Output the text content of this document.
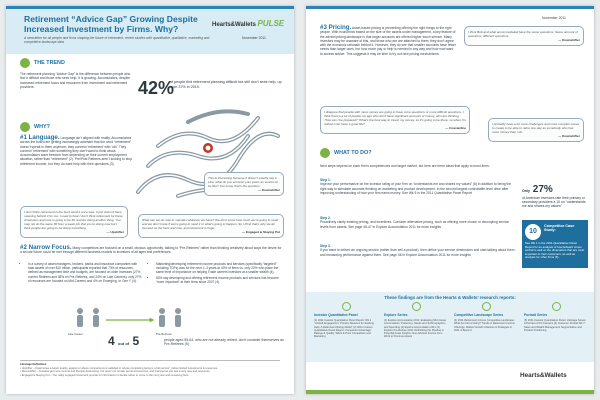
Retirement “Advice Gap” Growing Despite Increased Investment by Firms. Why?	Hearts&Wallets PULSE
November 2011
A newsletter for all people and firms shaping the future of retirement, recent studies with quantitative, qualitative, marketing and competitive landscape data
THE TREND
The retirement planning “Advice Gap” is the difference between people who find it difficult and those who seek help. It is growing. Accumulators, despite increased retirement focus and resources from investment and retirement providers.	42%
of people find retirement planning difficult but still don’t seek help, up from 37% in 2010.
WHY?
#1 Language. Language isn’t aligned with reality. Accumulators across the board are getting increasingly adamant that the word “retirement” doesn’t speak to them anymore; they connect ‘retirement’ with ‘old.’ They connect ‘retirement’ with something they don’t want to think about. Accumulators want freedom from depending on their current employment situation, rather than “retirement” (2). Pre/Post Retirees aren’t looking to stop retirement income, but they do want help with their questions (3).
I don’t think retirement is the buzz word it once was. It just doesn’t have meaning behind it for me. I used to hear I don’t think retirement by these Americans anymore is going to be fill, and we doing another thing. You may not do the same 80 hour a week job that you’re doing now but I think people are going to be doing something.
— Upshifter
This is interesting because it doesn’t exactly say it. Like, what do you envision your years as seniors to be like? You know, that’s the question.
— Downshifter
What can we do now to maintain whatever we have? We don’t know how much we’re going to need and we don’t know if we’re going to need it or what’s going to happen. So I think that’s why we all focused on the here and now, and retirement is huge.
— Engaged & Staying Put
#2 Narrow Focus. Many competitors are focused on a small, obvious opportunity: talking to “Pre-Retirees” rather than thinking creatively about ways the desire for a secure future could be met through different business models to investors of all ages and preferences.
• In a survey of asset managers, brokers, banks and insurance companies with total assets of over $10 trillion, participants reported that 73% of resources, defined as management time and budgets, are focused on older investors (27% current Retirees and 38% on Pre-Retirees, and 24% on Late Careers); only 27% of resources are focused on Mid-Careers and 4% on Emerging, or Gen Y (4).
• Marketing/developing retirement income products and services (specifically “targeted” including TDFs) was for the next 1–3 years at 40% of firms vs. only 20% who place the same level of importance on helping Trade careers investors at a smaller wealth (4).
• 83% say developing and offering retirement income products and services has become “more important” at their firms since 2007 (4).
Late Career	Pre-Retirees
4 out of 5	people aged 55-64, who are not already retired, don’t consider themselves as Pre-Retirees (5)
Lifestage Definitions
• Upshifter – Determines a better quality, against or above comparisons is satisfied or whose completing being is a full service”, below limited investments & resources
• Downshifter – Greatest get more income and lifestyle downsizing, but never not remain secured resources, and financial as you ask a very new and resources
• Engaged & Staying Put – The really engaged retirement provide for information to decide rather to move in the next year and remaining here
November 2011
#3 Pricing. Asset-based pricing is preventing offering the right things to the right people. With economics based on the size of the assets under management, a key feature of the advice/pricing landscape is that larger accounts are offered higher touch service. Many investors may be unaware of this, and those who are are attached to them; they don’t agree with the economic rationale behind it. However, they do see that smaller accounts have fewer needs than larger ones, but how much pay or help is needed in any way and how now want to access advice. This suggests it may be time to try out new pricing mechanisms.
I think Bob and what accommodated have the same questions. Same amount of questions, different questions.
— Downshifter
I disagree that people with more money are going to have more questions or more difficult questions. I think there’s a lot of people my age who don’t have significant amounts of money, who are thinking, ‘How can I be prepared?’ What’s the best way to invest my money, so it’s going to be there, so when I’m retired I can have a good life?
— Coasterline
I probably have a lot more challenges and more complex issues to create to be able to retire one day as somebody who has more money than I do.
— Downshifter
WHAT TO DO?
Next steps depend on each firm’s competencies and target market, but here are three ideas that apply to most firms:
Step 1.
Improve your performance on the investor rating of your firm on “understands me and shares my values” (6) in addition to being the right way to stimulate accurate thinking on marketing and product development. In the second largest controllable level drive after improving understanding of how your firm earns money. See Wk 5 in the 2011 Quantitative Panel Report
Step 2.
Proactively clarify existing pricing, and incentives. Consider alternative pricing, such as offering more choice or decoupling service levels from assets. See page 46-47 in Explore Accumulation 2011 for more insights
Step 3.
If you want to deliver an ongoing service (rather than sell a product), then define your service dimensions and start talking about them and measuring performance against them. See page 46 in Explore Accumulation 2011 for more insights
Only 27%
of American investors rate their primary or secondary providers a 10 on “understands me and shares my values”
10
Competitor Case Study:
See Wk 1 in the 2011 Quantitative Panel Report for an analysis of how Edward Jones performs well on the dimensions that are most important to their customers, as well as analysis for other firms (6).
These findings are from the Hearts & Wallets’ research reports:
Investor Quantitative Panel
(1) 2011 Investor Quantitative Panel Report: Wk 1 “Limited Engagement: Primary Reasons for Seeking Help: A Retirement Rating Model” (2) 2011 Investor Quantitative Panel Report: Competitor Advantage: Ratings & Quality, Talent & Price Competitive and Marketing
Explore Series
(1) Explore Accumulation 2011: Evaluating Mid-Career Accumulators: Preferring, Needs and Technographics and Spending (2) Explore Accumulation 2011 (3) Explore Pre-Retiree 2011: Rethinking the Pipeline in Potential Asset Insights: Non-Advised Income from Work to Precious Assets
Competitive Landscape Series
(4) 2011 Retirement Income Competitive Landscape: What Are Firms Doing? Trends in Retirement Income Offerings: Market Growth Initiatives & Strategies in 2011 & Beyond
Portrait Series
(5) 2011 Investor Quantitative Panel: Lifestage Series: A Portrait of US Investors (6) Customer Portrait Wk 7: Sales and Wealth Management Segmentation and Product Positioning
Hearts&Wallets
